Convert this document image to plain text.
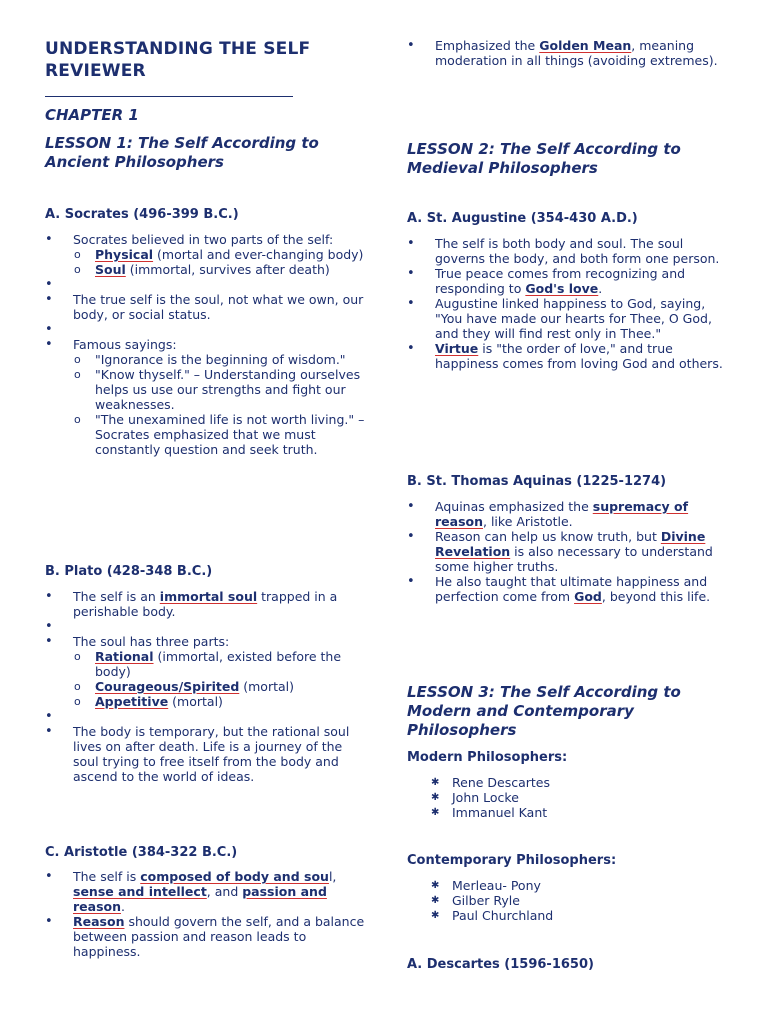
UNDERSTANDING THE SELF REVIEWER
CHAPTER 1
LESSON 1: The Self According to Ancient Philosophers
A. Socrates (496-399 B.C.)
• Socrates believed in two parts of the self:
o Physical (mortal and ever-changing body)
o Soul (immortal, survives after death)
•
• The true self is the soul, not what we own, our body, or social status.
•
• Famous sayings:
o "Ignorance is the beginning of wisdom."
o "Know thyself." – Understanding ourselves helps us use our strengths and fight our weaknesses.
o "The unexamined life is not worth living." – Socrates emphasized that we must constantly question and seek truth.
B. Plato (428-348 B.C.)
• The self is an immortal soul trapped in a perishable body.
•
• The soul has three parts:
o Rational (immortal, existed before the body)
o Courageous/Spirited (mortal)
o Appetitive (mortal)
•
• The body is temporary, but the rational soul lives on after death. Life is a journey of the soul trying to free itself from the body and ascend to the world of ideas.
C. Aristotle (384-322 B.C.)
• The self is composed of body and soul, sense and intellect, and passion and reason.
• Reason should govern the self, and a balance between passion and reason leads to happiness.
• Emphasized the Golden Mean, meaning moderation in all things (avoiding extremes).
LESSON 2: The Self According to Medieval Philosophers
A. St. Augustine (354-430 A.D.)
• The self is both body and soul. The soul governs the body, and both form one person.
• True peace comes from recognizing and responding to God's love.
• Augustine linked happiness to God, saying, "You have made our hearts for Thee, O God, and they will find rest only in Thee."
• Virtue is "the order of love," and true happiness comes from loving God and others.
B. St. Thomas Aquinas (1225-1274)
• Aquinas emphasized the supremacy of reason, like Aristotle.
• Reason can help us know truth, but Divine Revelation is also necessary to understand some higher truths.
• He also taught that ultimate happiness and perfection come from God, beyond this life.
LESSON 3: The Self According to Modern and Contemporary Philosophers
Modern Philosophers:
✱ Rene Descartes
✱ John Locke
✱ Immanuel Kant
Contemporary Philosophers:
✱ Merleau- Pony
✱ Gilber Ryle
✱ Paul Churchland
A. Descartes (1596-1650)
